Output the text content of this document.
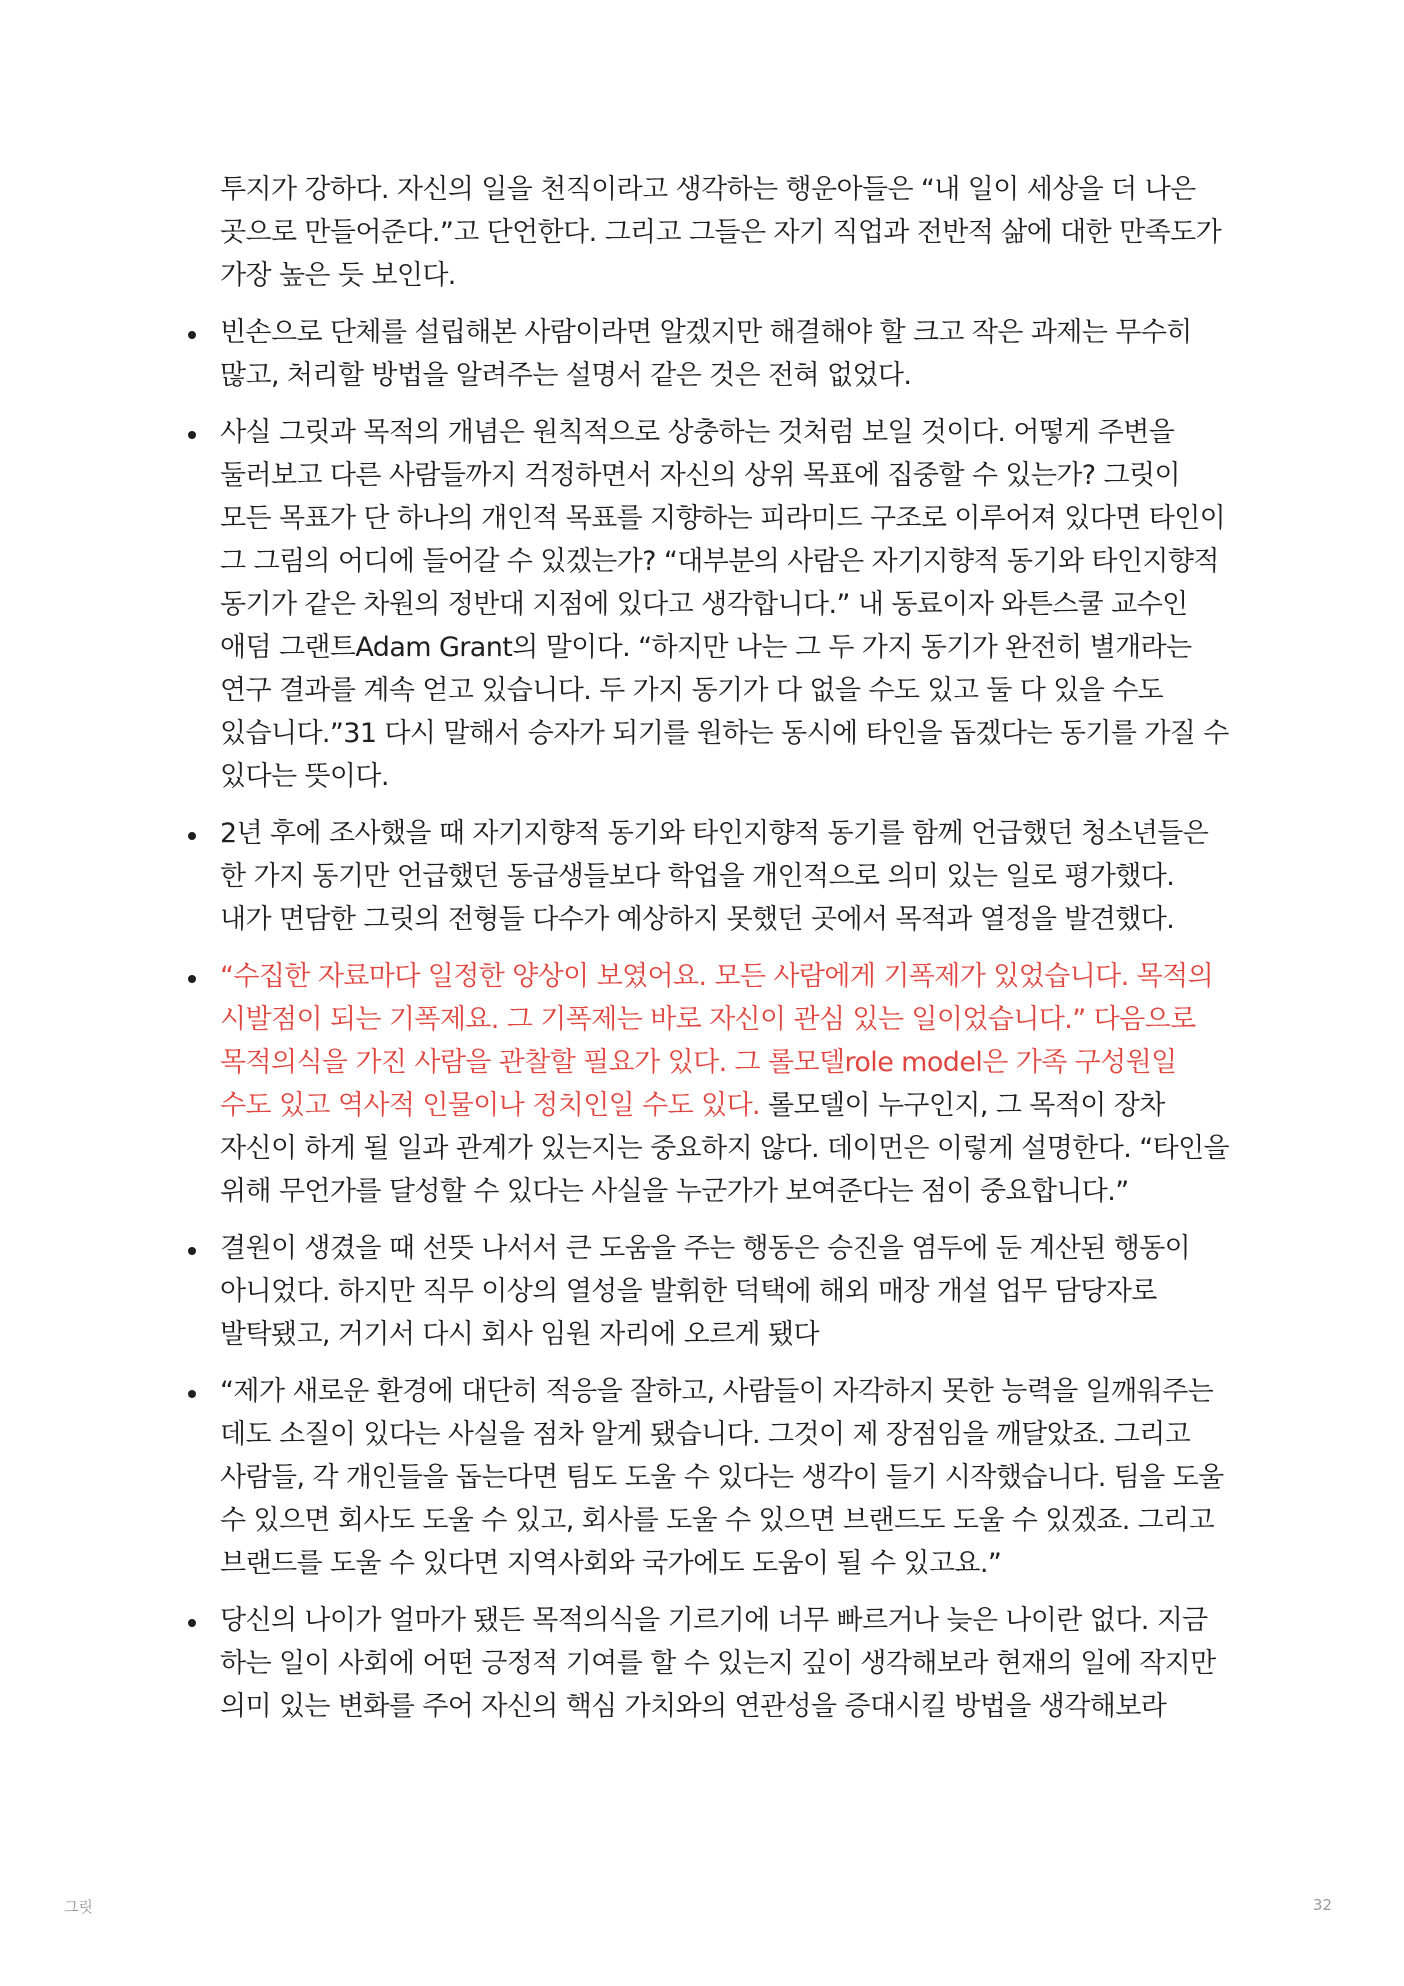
투지가 강하다. 자신의 일을 천직이라고 생각하는 행운아들은 “내 일이 세상을 더 나은 곳으로 만들어준다.”고 단언한다. 그리고 그들은 자기 직업과 전반적 삶에 대한 만족도가 가장 높은 듯 보인다.

빈손으로 단체를 설립해본 사람이라면 알겠지만 해결해야 할 크고 작은 과제는 무수히 많고, 처리할 방법을 알려주는 설명서 같은 것은 전혀 없었다.
사실 그릿과 목적의 개념은 원칙적으로 상충하는 것처럼 보일 것이다. 어떻게 주변을 둘러보고 다른 사람들까지 걱정하면서 자신의 상위 목표에 집중할 수 있는가? 그릿이 모든 목표가 단 하나의 개인적 목표를 지향하는 피라미드 구조로 이루어져 있다면 타인이 그 그림의 어디에 들어갈 수 있겠는가? “대부분의 사람은 자기지향적 동기와 타인지향적 동기가 같은 차원의 정반대 지점에 있다고 생각합니다.” 내 동료이자 와튼스쿨 교수인 애덤 그랜트Adam Grant의 말이다. “하지만 나는 그 두 가지 동기가 완전히 별개라는 연구 결과를 계속 얻고 있습니다. 두 가지 동기가 다 없을 수도 있고 둘 다 있을 수도 있습니다.”31 다시 말해서 승자가 되기를 원하는 동시에 타인을 돕겠다는 동기를 가질 수 있다는 뜻이다.
2년 후에 조사했을 때 자기지향적 동기와 타인지향적 동기를 함께 언급했던 청소년들은 한 가지 동기만 언급했던 동급생들보다 학업을 개인적으로 의미 있는 일로 평가했다. 내가 면담한 그릿의 전형들 다수가 예상하지 못했던 곳에서 목적과 열정을 발견했다.
“수집한 자료마다 일정한 양상이 보였어요. 모든 사람에게 기폭제가 있었습니다. 목적의 시발점이 되는 기폭제요. 그 기폭제는 바로 자신이 관심 있는 일이었습니다.” 다음으로 목적의식을 가진 사람을 관찰할 필요가 있다. 그 롤모델role model은 가족 구성원일 수도 있고 역사적 인물이나 정치인일 수도 있다. 롤모델이 누구인지, 그 목적이 장차 자신이 하게 될 일과 관계가 있는지는 중요하지 않다. 데이먼은 이렇게 설명한다. “타인을 위해 무언가를 달성할 수 있다는 사실을 누군가가 보여준다는 점이 중요합니다.”
결원이 생겼을 때 선뜻 나서서 큰 도움을 주는 행동은 승진을 염두에 둔 계산된 행동이 아니었다. 하지만 직무 이상의 열성을 발휘한 덕택에 해외 매장 개설 업무 담당자로 발탁됐고, 거기서 다시 회사 임원 자리에 오르게 됐다
“제가 새로운 환경에 대단히 적응을 잘하고, 사람들이 자각하지 못한 능력을 일깨워주는 데도 소질이 있다는 사실을 점차 알게 됐습니다. 그것이 제 장점임을 깨달았죠. 그리고 사람들, 각 개인들을 돕는다면 팀도 도울 수 있다는 생각이 들기 시작했습니다. 팀을 도울 수 있으면 회사도 도울 수 있고, 회사를 도울 수 있으면 브랜드도 도울 수 있겠죠. 그리고 브랜드를 도울 수 있다면 지역사회와 국가에도 도움이 될 수 있고요.”
당신의 나이가 얼마가 됐든 목적의식을 기르기에 너무 빠르거나 늦은 나이란 없다. 지금 하는 일이 사회에 어떤 긍정적 기여를 할 수 있는지 깊이 생각해보라 현재의 일에 작지만 의미 있는 변화를 주어 자신의 핵심 가치와의 연관성을 증대시킬 방법을 생각해보라
그릿	32
